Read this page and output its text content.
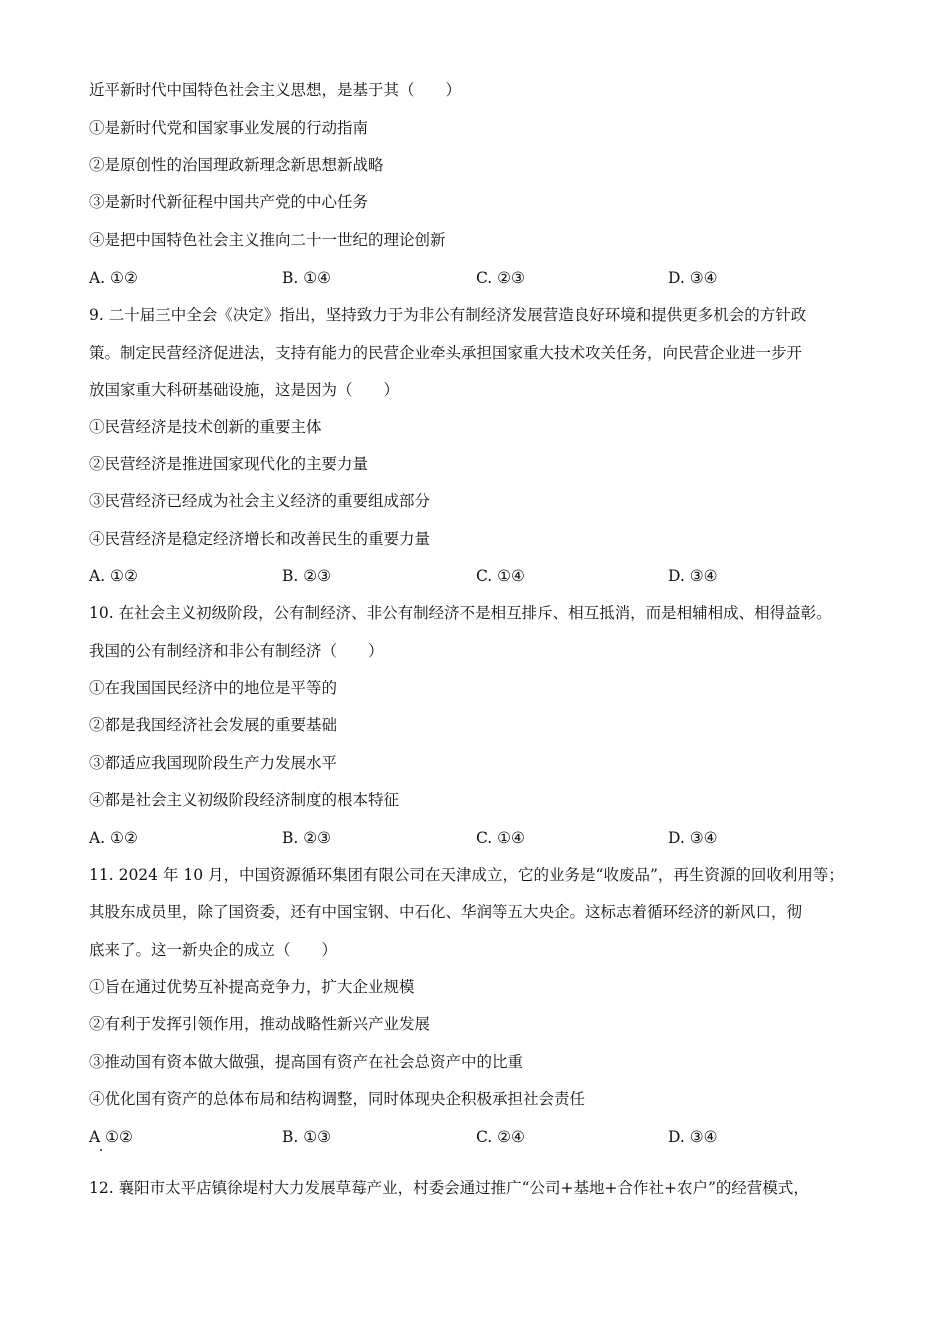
近平新时代中国特色社会主义思想，是基于其（　　）
①是新时代党和国家事业发展的行动指南
②是原创性的治国理政新理念新思想新战略
③是新时代新征程中国共产党的中心任务
④是把中国特色社会主义推向二十一世纪的理论创新
A. ①②	B. ①④	C. ②③	D. ③④
9. 二十届三中全会《决定》指出，坚持致力于为非公有制经济发展营造良好环境和提供更多机会的方针政
策。制定民营经济促进法，支持有能力的民营企业牵头承担国家重大技术攻关任务，向民营企业进一步开
放国家重大科研基础设施，这是因为（　　）
①民营经济是技术创新的重要主体
②民营经济是推进国家现代化的主要力量
③民营经济已经成为社会主义经济的重要组成部分
④民营经济是稳定经济增长和改善民生的重要力量
A. ①②	B. ②③	C. ①④	D. ③④
10. 在社会主义初级阶段，公有制经济、非公有制经济不是相互排斥、相互抵消，而是相辅相成、相得益彰。
我国的公有制经济和非公有制经济（　　）
①在我国国民经济中的地位是平等的
②都是我国经济社会发展的重要基础
③都适应我国现阶段生产力发展水平
④都是社会主义初级阶段经济制度的根本特征
A. ①②	B. ②③	C. ①④	D. ③④
11. 2024 年 10 月，中国资源循环集团有限公司在天津成立，它的业务是“收废品”，再生资源的回收利用等；
其股东成员里，除了国资委，还有中国宝钢、中石化、华润等五大央企。这标志着循环经济的新风口，彻
底来了。这一新央企的成立（　　）
①旨在通过优势互补提高竞争力，扩大企业规模
②有利于发挥引领作用，推动战略性新兴产业发展
③推动国有资本做大做强，提高国有资产在社会总资产中的比重
④优化国有资产的总体布局和结构调整，同时体现央企积极承担社会责任
A ①②	B. ①③	C. ②④	D. ③④
12. 襄阳市太平店镇徐堤村大力发展草莓产业，村委会通过推广“公司+基地+合作社+农户”的经营模式，
